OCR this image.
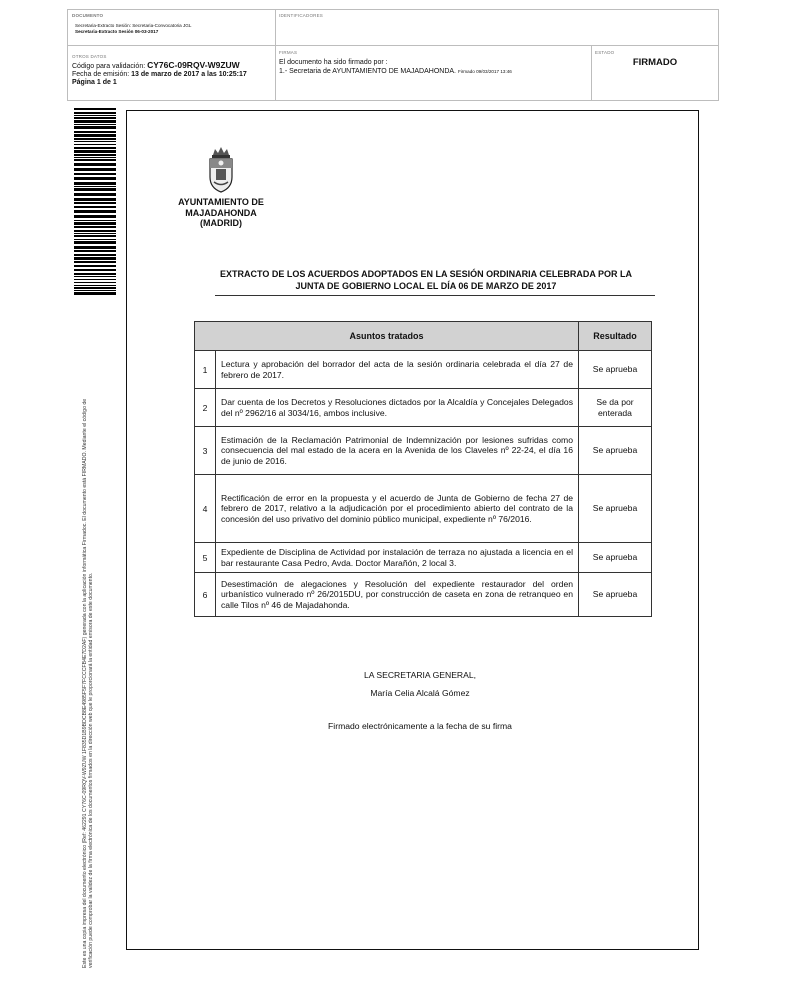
DOCUMENTO
Secretaria-Extracto Sesión: Secretaria-Convocatoria JGL
Secretaria-Extracto Sesión 06-03-2017
IDENTIFICADORES
OTROS DATOS
Código para validación: CY76C-09RQV-W9ZUW
Fecha de emisión: 13 de marzo de 2017 a las 10:25:17
Página 1 de 1
FIRMAS
El documento ha sido firmado por :
1.- Secretaria de AYUNTAMIENTO DE MAJADAHONDA. Firmado 09/03/2017 13:46
ESTADO
FIRMADO
Este es una copia impresa del documento electrónico (Ref: 462291 CY76C-09RQV-W9ZUW 1F835D1B9BDCB8E4985F5F7FCCCFB4E7D2AF) generada con la aplicación informática Firmadoc. El documento está FIRMADO. Mediante el código de verificación puede comprobar la validez de la firma electrónica de los documentos firmados en la dirección web que le proporcionará la entidad emisora de este documento.
AYUNTAMIENTO DE
MAJADAHONDA
(MADRID)
EXTRACTO DE LOS ACUERDOS ADOPTADOS EN LA SESIÓN ORDINARIA CELEBRADA POR LA
JUNTA DE GOBIERNO LOCAL EL DÍA 06 DE MARZO DE 2017
Asuntos tratados		Resultado
1	Lectura y aprobación del borrador del acta de la sesión ordinaria celebrada el día 27 de febrero de 2017.	Se aprueba
2	Dar cuenta de los Decretos y Resoluciones dictados por la Alcaldía y Concejales Delegados del nº 2962/16 al 3034/16, ambos inclusive.	Se da por enterada
3	Estimación de la Reclamación Patrimonial de Indemnización por lesiones sufridas como consecuencia del mal estado de la acera en la Avenida de los Claveles nº 22-24, el día 16 de junio de 2016.	Se aprueba
4	Rectificación de error en la propuesta y el acuerdo de Junta de Gobierno de fecha 27 de febrero de 2017, relativo a la adjudicación por el procedimiento abierto del contrato de la concesión del uso privativo del dominio público municipal, expediente nº 76/2016.	Se aprueba
5	Expediente de Disciplina de Actividad por instalación de terraza no ajustada a licencia en el bar restaurante Casa Pedro, Avda. Doctor Marañón, 2 local 3.	Se aprueba
6	Desestimación de alegaciones y Resolución del expediente restaurador del orden urbanístico vulnerado nº 26/2015DU, por construcción de caseta en zona de retranqueo en calle Tilos nº 46 de Majadahonda.	Se aprueba
LA SECRETARIA GENERAL,
María Celia Alcalá Gómez
Firmado electrónicamente a la fecha de su firma
